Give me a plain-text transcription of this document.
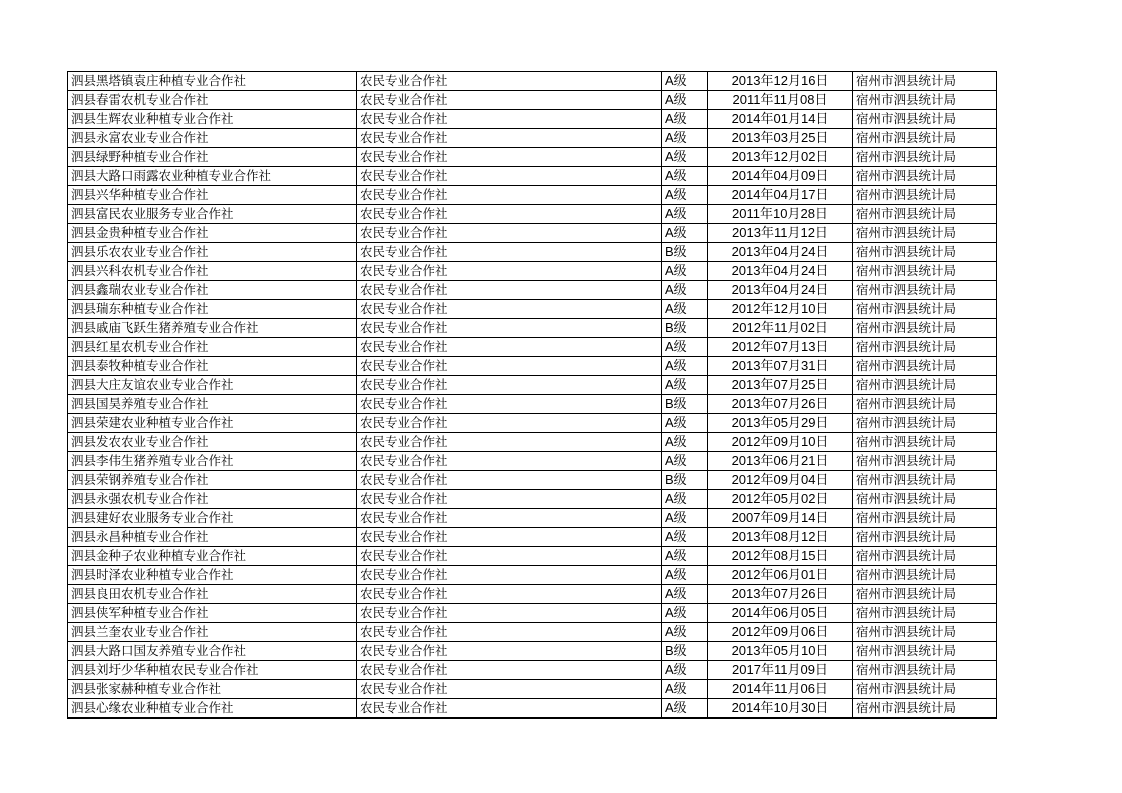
泗县黑塔镇袁庄种植专业合作社	农民专业合作社	A级	2013年12月16日	宿州市泗县统计局
泗县春雷农机专业合作社	农民专业合作社	A级	2011年11月08日	宿州市泗县统计局
泗县生辉农业种植专业合作社	农民专业合作社	A级	2014年01月14日	宿州市泗县统计局
泗县永富农业专业合作社	农民专业合作社	A级	2013年03月25日	宿州市泗县统计局
泗县绿野种植专业合作社	农民专业合作社	A级	2013年12月02日	宿州市泗县统计局
泗县大路口雨露农业种植专业合作社	农民专业合作社	A级	2014年04月09日	宿州市泗县统计局
泗县兴华种植专业合作社	农民专业合作社	A级	2014年04月17日	宿州市泗县统计局
泗县富民农业服务专业合作社	农民专业合作社	A级	2011年10月28日	宿州市泗县统计局
泗县金贵种植专业合作社	农民专业合作社	A级	2013年11月12日	宿州市泗县统计局
泗县乐农农业专业合作社	农民专业合作社	B级	2013年04月24日	宿州市泗县统计局
泗县兴科农机专业合作社	农民专业合作社	A级	2013年04月24日	宿州市泗县统计局
泗县鑫瑞农业专业合作社	农民专业合作社	A级	2013年04月24日	宿州市泗县统计局
泗县瑞东种植专业合作社	农民专业合作社	A级	2012年12月10日	宿州市泗县统计局
泗县戚庙飞跃生猪养殖专业合作社	农民专业合作社	B级	2012年11月02日	宿州市泗县统计局
泗县红星农机专业合作社	农民专业合作社	A级	2012年07月13日	宿州市泗县统计局
泗县泰牧种植专业合作社	农民专业合作社	A级	2013年07月31日	宿州市泗县统计局
泗县大庄友谊农业专业合作社	农民专业合作社	A级	2013年07月25日	宿州市泗县统计局
泗县国昊养殖专业合作社	农民专业合作社	B级	2013年07月26日	宿州市泗县统计局
泗县荣建农业种植专业合作社	农民专业合作社	A级	2013年05月29日	宿州市泗县统计局
泗县发农农业专业合作社	农民专业合作社	A级	2012年09月10日	宿州市泗县统计局
泗县李伟生猪养殖专业合作社	农民专业合作社	A级	2013年06月21日	宿州市泗县统计局
泗县荣钢养殖专业合作社	农民专业合作社	B级	2012年09月04日	宿州市泗县统计局
泗县永强农机专业合作社	农民专业合作社	A级	2012年05月02日	宿州市泗县统计局
泗县建好农业服务专业合作社	农民专业合作社	A级	2007年09月14日	宿州市泗县统计局
泗县永昌种植专业合作社	农民专业合作社	A级	2013年08月12日	宿州市泗县统计局
泗县金种子农业种植专业合作社	农民专业合作社	A级	2012年08月15日	宿州市泗县统计局
泗县时泽农业种植专业合作社	农民专业合作社	A级	2012年06月01日	宿州市泗县统计局
泗县良田农机专业合作社	农民专业合作社	A级	2013年07月26日	宿州市泗县统计局
泗县侠军种植专业合作社	农民专业合作社	A级	2014年06月05日	宿州市泗县统计局
泗县兰奎农业专业合作社	农民专业合作社	A级	2012年09月06日	宿州市泗县统计局
泗县大路口国友养殖专业合作社	农民专业合作社	B级	2013年05月10日	宿州市泗县统计局
泗县刘圩少华种植农民专业合作社	农民专业合作社	A级	2017年11月09日	宿州市泗县统计局
泗县张家赫种植专业合作社	农民专业合作社	A级	2014年11月06日	宿州市泗县统计局
泗县心缘农业种植专业合作社	农民专业合作社	A级	2014年10月30日	宿州市泗县统计局
